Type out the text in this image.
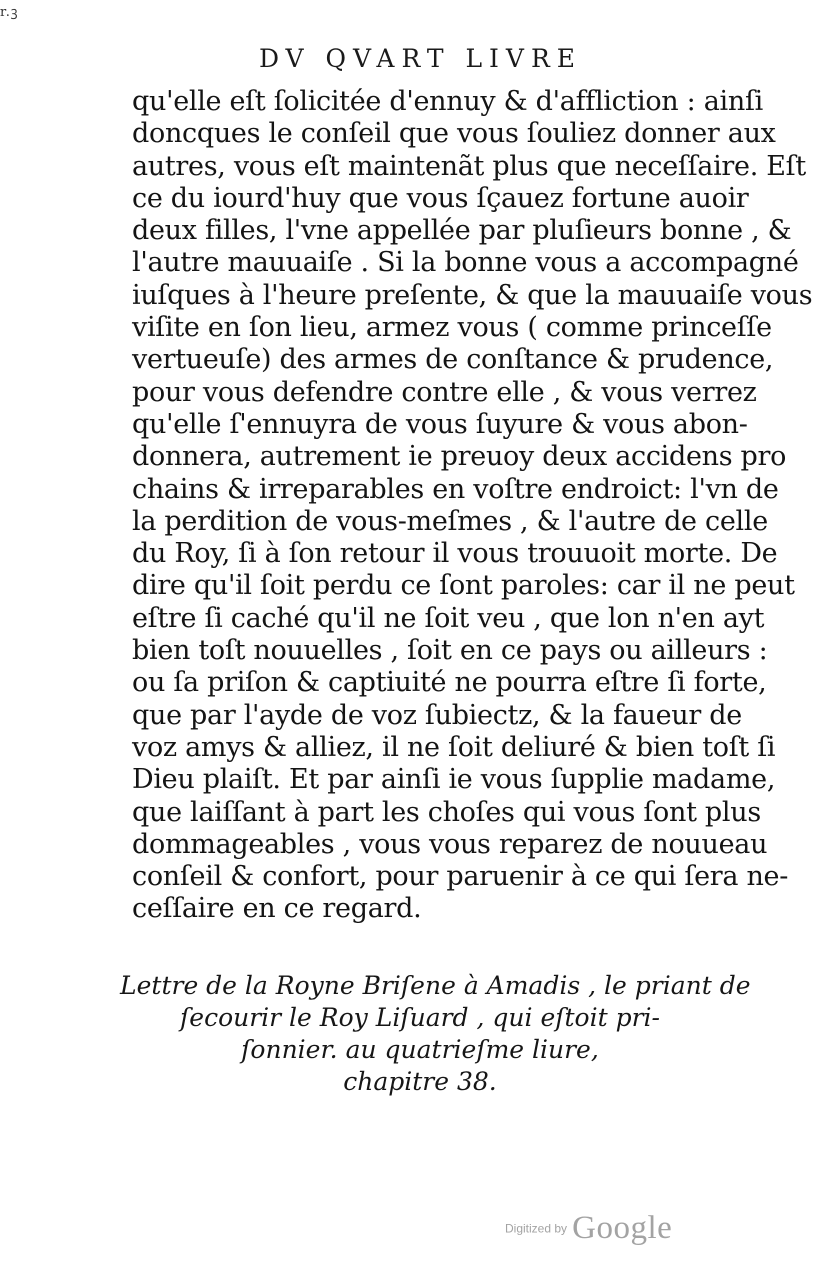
r.ꝫ
DV QVART LIVRE
qu'elle eſt ſolicitée d'ennuy & d'affliction : ainſi
doncques le conſeil que vous ſouliez donner aux
autres, vous eſt maintenãt plus que neceſſaire. Eſt
ce du iourd'huy que vous ſçauez fortune auoir
deux filles, l'vne appellée par pluſieurs bonne , &
l'autre mauuaiſe . Si la bonne vous a accompagné
iuſques à l'heure preſente, & que la mauuaiſe vous
viſite en ſon lieu, armez vous ( comme princeſſe
vertueuſe) des armes de conſtance & prudence,
pour vous defendre contre elle , & vous verrez
qu'elle ſ'ennuyra de vous ſuyure & vous abon-
donnera, autrement ie preuoy deux accidens pro
chains & irreparables en voſtre endroict: l'vn de
la perdition de vous-meſmes , & l'autre de celle
du Roy, ſi à ſon retour il vous trouuoit morte. De
dire qu'il ſoit perdu ce ſont paroles: car il ne peut
eſtre ſi caché qu'il ne ſoit veu , que lon n'en ayt
bien toſt nouuelles , ſoit en ce pays ou ailleurs :
ou ſa priſon & captiuité ne pourra eſtre ſi forte,
que par l'ayde de voz ſubiectz, & la faueur de
voz amys & alliez, il ne ſoit deliuré & bien toſt ſi
Dieu plaiſt. Et par ainſi ie vous ſupplie madame,
que laiſſant à part les choſes qui vous ſont plus
dommageables , vous vous reparez de nouueau
conſeil & confort, pour paruenir à ce qui ſera ne-
ceſſaire en ce regard.
Lettre de la Royne Briſene à Amadis , le priant de
ſecourir le Roy Liſuard , qui eſtoit pri-
ſonnier. au quatrieſme liure,
chapitre 38.
Digitized by Google
